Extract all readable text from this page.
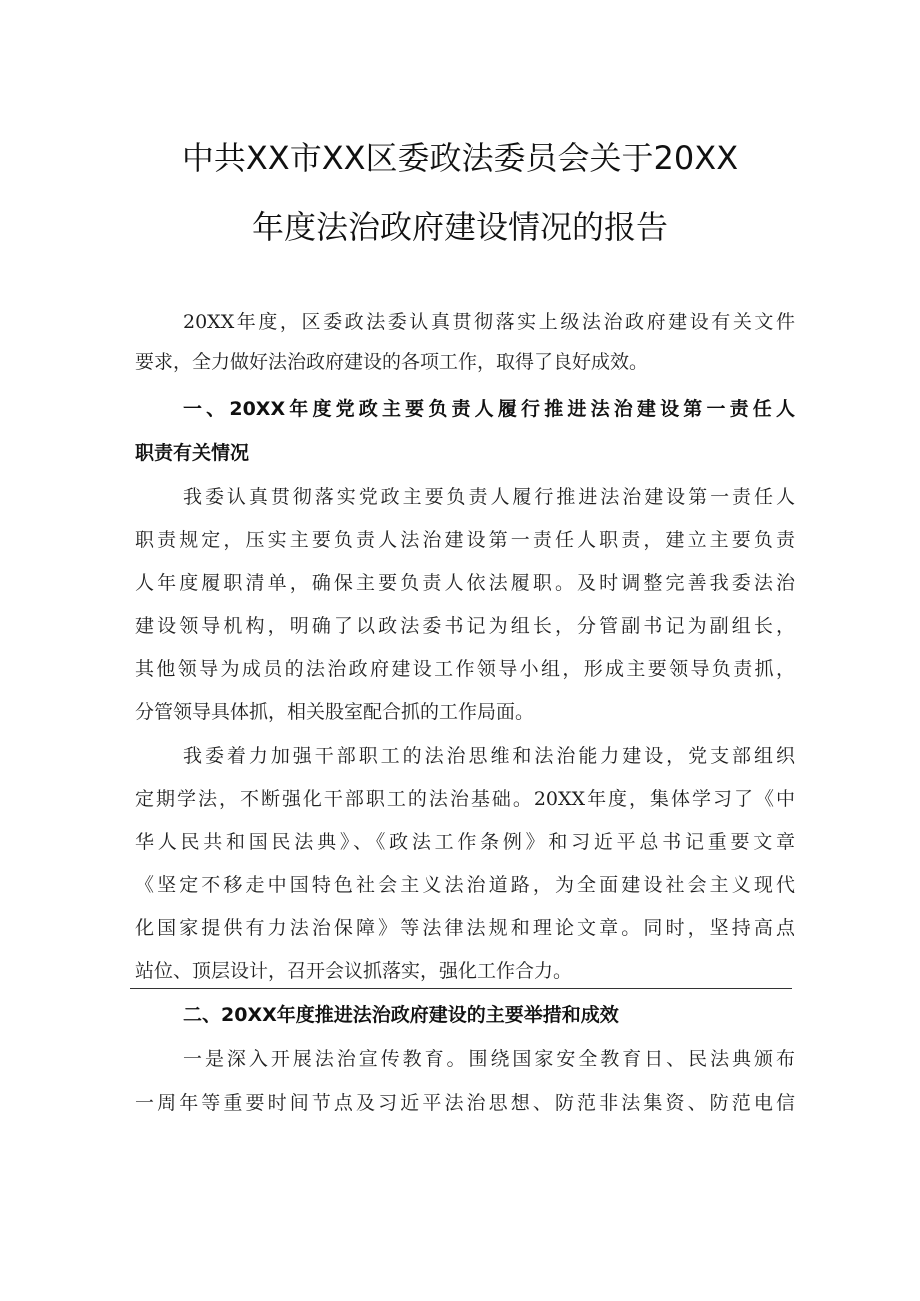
中共XX市XX区委政法委员会关于20XX
年度法治政府建设情况的报告
20XX年度，区委政法委认真贯彻落实上级法治政府建设有关文件
要求，全力做好法治政府建设的各项工作，取得了良好成效。
一、20XX年度党政主要负责人履行推进法治建设第一责任人
职责有关情况
我委认真贯彻落实党政主要负责人履行推进法治建设第一责任人
职责规定，压实主要负责人法治建设第一责任人职责，建立主要负责
人年度履职清单，确保主要负责人依法履职。及时调整完善我委法治
建设领导机构，明确了以政法委书记为组长，分管副书记为副组长，
其他领导为成员的法治政府建设工作领导小组，形成主要领导负责抓，
分管领导具体抓，相关股室配合抓的工作局面。
我委着力加强干部职工的法治思维和法治能力建设，党支部组织
定期学法，不断强化干部职工的法治基础。20XX年度，集体学习了《中
华人民共和国民法典》、《政法工作条例》和习近平总书记重要文章
《坚定不移走中国特色社会主义法治道路，为全面建设社会主义现代
化国家提供有力法治保障》等法律法规和理论文章。同时，坚持高点
站位、顶层设计，召开会议抓落实，强化工作合力。
二、20XX年度推进法治政府建设的主要举措和成效
一是深入开展法治宣传教育。围绕国家安全教育日、民法典颁布
一周年等重要时间节点及习近平法治思想、防范非法集资、防范电信
